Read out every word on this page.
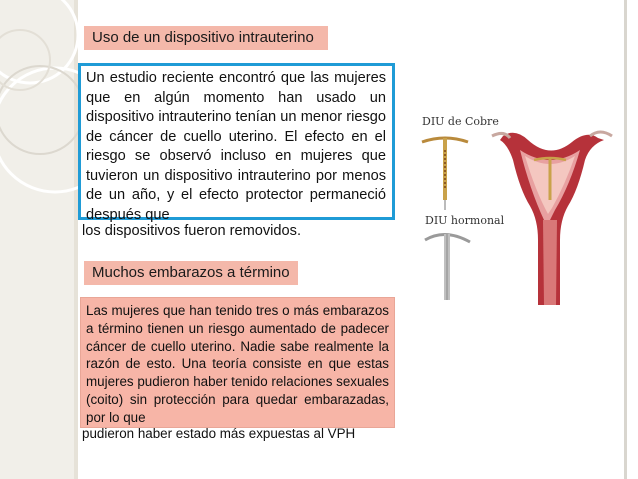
Uso de un dispositivo intrauterino
Un estudio reciente encontró que las mujeres que en algún momento han usado un dispositivo intrauterino tenían un menor riesgo de cáncer de cuello uterino. El efecto en el riesgo se observó incluso en mujeres que tuvieron un dispositivo intrauterino por menos de un año, y el efecto protector permaneció después que
los dispositivos fueron removidos.
Muchos embarazos a término
Las mujeres que han tenido tres o más embarazos a término tienen un riesgo aumentado de padecer cáncer de cuello uterino. Nadie sabe realmente la razón de esto. Una teoría consiste en que estas mujeres pudieron haber tenido relaciones sexuales (coito) sin protección para quedar embarazadas, por lo que
pudieron haber estado más expuestas al VPH
DIU de Cobre
DIU hormonal
